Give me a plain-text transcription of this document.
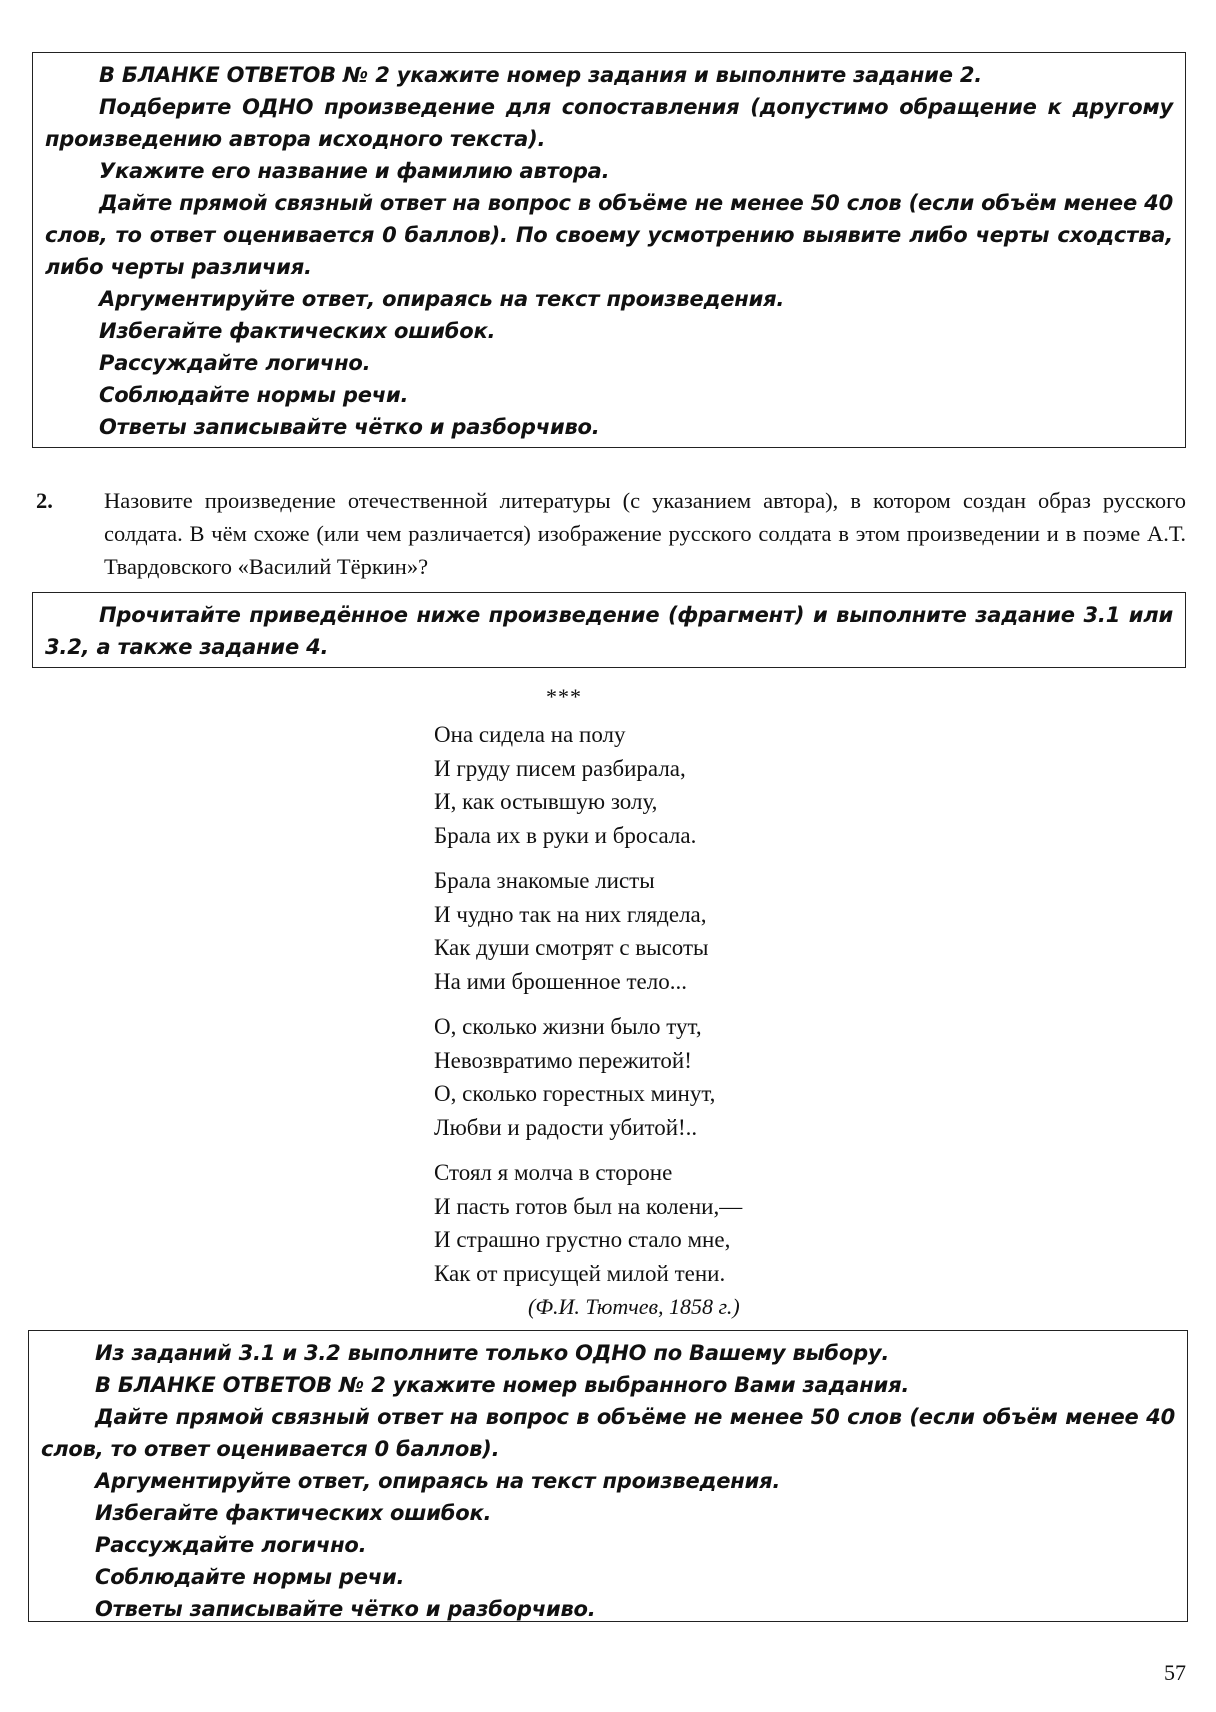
В БЛАНКЕ ОТВЕТОВ № 2 укажите номер задания и выполните задание 2.

Подберите ОДНО произведение для сопоставления (допустимо обращение к другому произведению автора исходного текста).

Укажите его название и фамилию автора.

Дайте прямой связный ответ на вопрос в объёме не менее 50 слов (если объём менее 40 слов, то ответ оценивается 0 баллов). По своему усмотрению выявите либо черты сходства, либо черты различия.

Аргументируйте ответ, опираясь на текст произведения.

Избегайте фактических ошибок.

Рассуждайте логично.

Соблюдайте нормы речи.

Ответы записывайте чётко и разборчиво.

2. Назовите произведение отечественной литературы (с указанием автора), в котором создан образ русского солдата. В чём схоже (или чем различается) изображение русского солдата в этом произведении и в поэме А.Т. Твардовского «Василий Тёркин»?

Прочитайте приведённое ниже произведение (фрагмент) и выполните задание 3.1 или 3.2, а также задание 4.

***
Она сидела на полу
И груду писем разбирала,
И, как остывшую золу,
Брала их в руки и бросала.
Брала знакомые листы
И чудно так на них глядела,
Как души смотрят с высоты
На ими брошенное тело...
О, сколько жизни было тут,
Невозвратимо пережитой!
О, сколько горестных минут,
Любви и радости убитой!..
Стоял я молча в стороне
И пасть готов был на колени,—
И страшно грустно стало мне,
Как от присущей милой тени.
(Ф.И. Тютчев, 1858 г.)

Из заданий 3.1 и 3.2 выполните только ОДНО по Вашему выбору.

В БЛАНКЕ ОТВЕТОВ № 2 укажите номер выбранного Вами задания.

Дайте прямой связный ответ на вопрос в объёме не менее 50 слов (если объём менее 40 слов, то ответ оценивается 0 баллов).

Аргументируйте ответ, опираясь на текст произведения.

Избегайте фактических ошибок.

Рассуждайте логично.

Соблюдайте нормы речи.

Ответы записывайте чётко и разборчиво.

57
